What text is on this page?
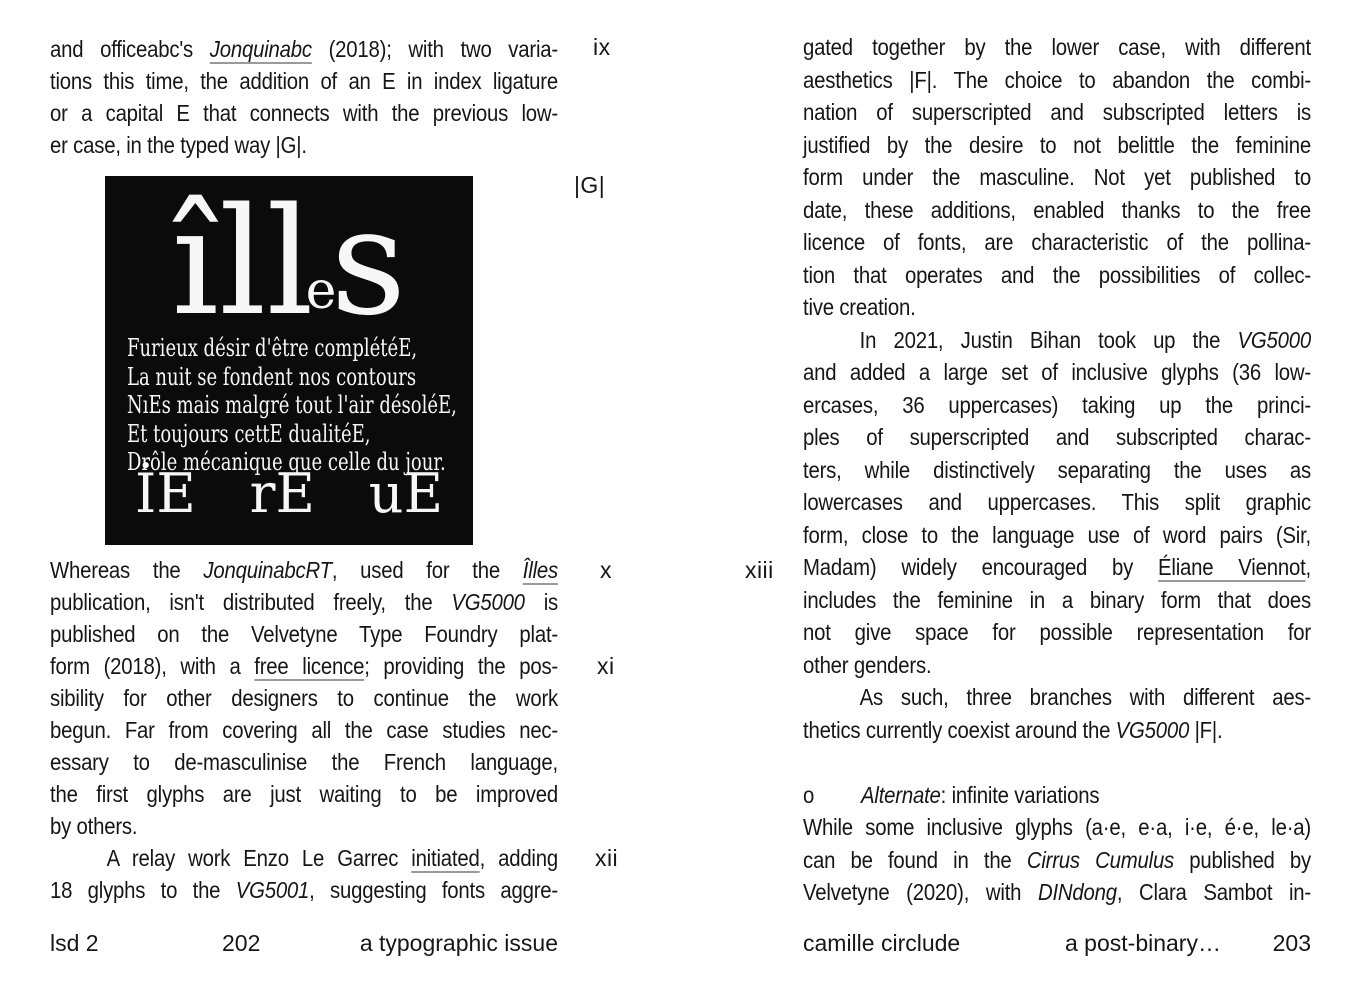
and officeabc's Jonquinabc (2018); with two varia-
tions this time, the addition of an E in index ligature
or a capital E that connects with the previous low-
er case, in the typed way |G|.
îlles
Furieux désir d'être complétéE,
La nuit se fondent nos contours
NıEs mais malgré tout l'air désoléE,
Et toujours cettE dualitéE,
Drôle mécanique que celle du jour.
İE rE uE
Whereas the JonquinabcRT, used for the Îlles
publication, isn't distributed freely, the VG5000 is
published on the Velvetyne Type Foundry plat-
form (2018), with a free licence; providing the pos-
sibility for other designers to continue the work
begun. Far from covering all the case studies nec-
essary to de-masculinise the French language,
the first glyphs are just waiting to be improved
by others.
A relay work Enzo Le Garrec initiated, adding
18 glyphs to the VG5001, suggesting fonts aggre-
ix
|G|
x
xi
xii
xiii
gated together by the lower case, with different
aesthetics |F|. The choice to abandon the combi-
nation of superscripted and subscripted letters is
justified by the desire to not belittle the feminine
form under the masculine. Not yet published to
date, these additions, enabled thanks to the free
licence of fonts, are characteristic of the pollina-
tion that operates and the possibilities of collec-
tive creation.
In 2021, Justin Bihan took up the VG5000
and added a large set of inclusive glyphs (36 low-
ercases, 36 uppercases) taking up the princi-
ples of superscripted and subscripted charac-
ters, while distinctively separating the uses as
lowercases and uppercases. This split graphic
form, close to the language use of word pairs (Sir,
Madam) widely encouraged by Éliane Viennot,
includes the feminine in a binary form that does
not give space for possible representation for
other genders.
As such, three branches with different aes-
thetics currently coexist around the VG5000 |F|.
o Alternate: infinite variations
While some inclusive glyphs (a·e, e·a, i·e, é·e, le·a)
can be found in the Cirrus Cumulus published by
Velvetyne (2020), with DINdong, Clara Sambot in-
lsd 2	202	a typographic issue	camille circlude	a post-binary… 203
